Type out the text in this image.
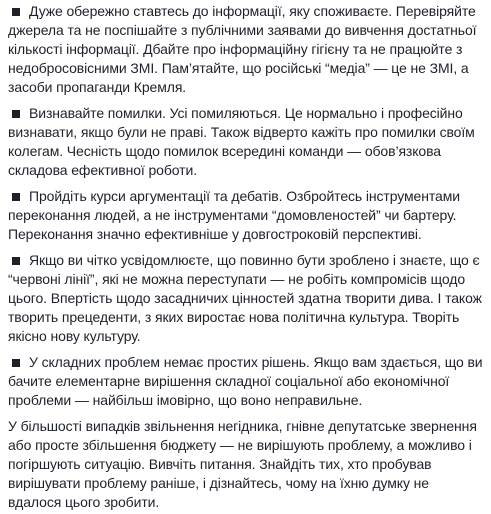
Дуже обережно ставтесь до інформації, яку споживаєте. Перевіряйте джерела та не поспішайте з публічними заявами до вивчення достатньої кількості інформації. Дбайте про інформаційну гігієну та не працюйте з недобросовісними ЗМІ. Пам’ятайте, що російські “медіа” — це не ЗМІ, а засоби пропаганди Кремля.

Визнавайте помилки. Усі помиляються. Це нормально і професійно визнавати, якщо були не праві. Також відверто кажіть про помилки своїм колегам. Чесність щодо помилок всередині команди — обов’язкова складова ефективної роботи.

Пройдіть курси аргументації та дебатів. Озбройтесь інструментами переконання людей, а не інструментами “домовленостей” чи бартеру. Переконання значно ефективніше у довгостроковій перспективі.

Якщо ви чітко усвідомлюєте, що повинно бути зроблено і знаєте, що є “червоні лінії”, які не можна переступати — не робіть компромісів щодо цього. Впертість щодо засадничих цінностей здатна творити дива. І також творить прецеденти, з яких виростає нова політична культура. Творіть якісно нову культуру.

У складних проблем немає простих рішень. Якщо вам здається, що ви бачите елементарне вирішення складної соціальної або економічної проблеми — найбільш імовірно, що воно неправильне.

У більшості випадків звільнення негідника, гнівне депутатське звернення або просте збільшення бюджету — не вирішують проблему, а можливо і погіршують ситуацію. Вивчіть питання. Знайдіть тих, хто пробував вирішувати проблему раніше, і дізнайтесь, чому на їхню думку не вдалося цього зробити.
